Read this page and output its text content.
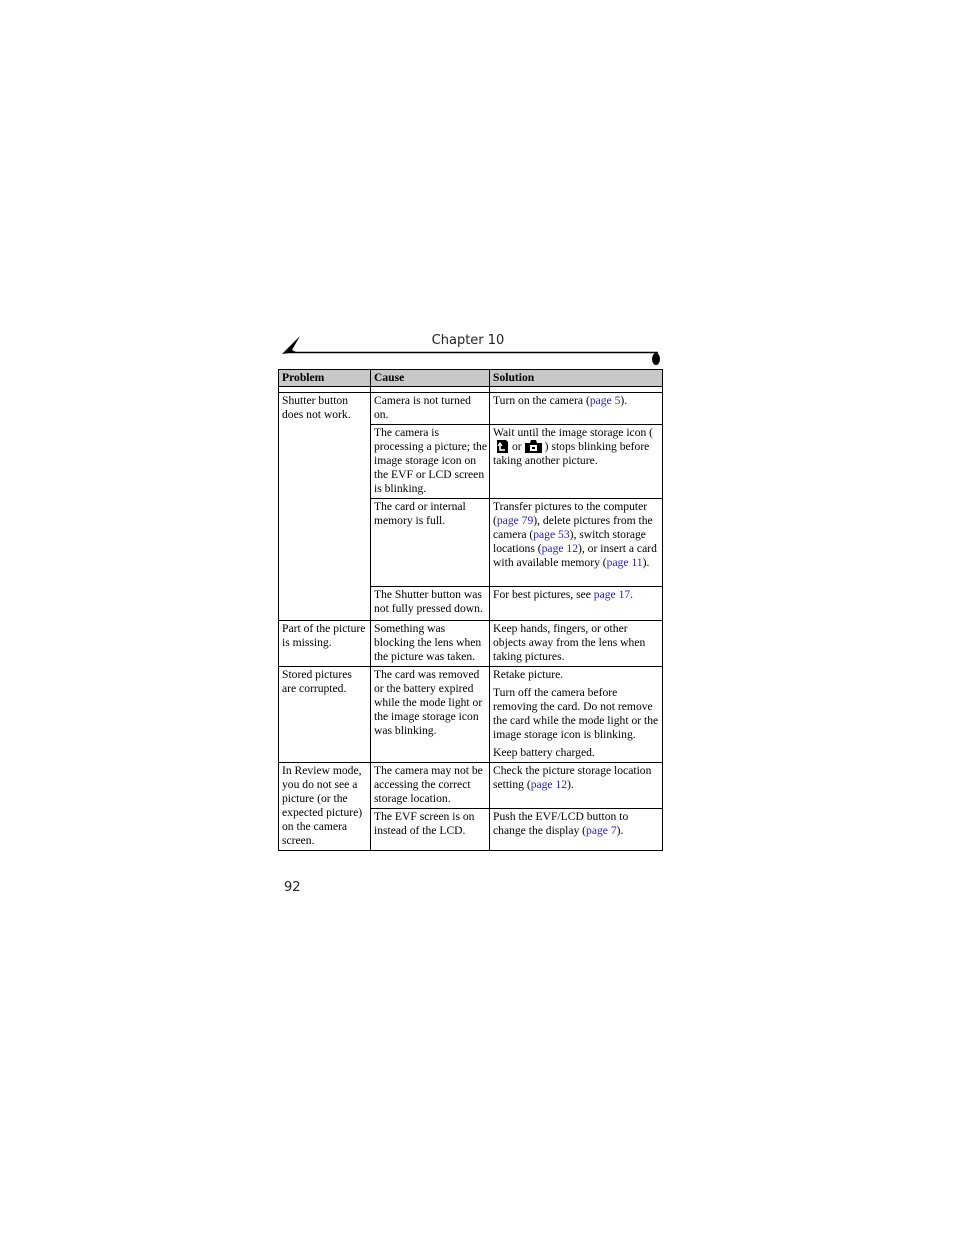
Chapter 10
Problem	Cause	Solution

Shutter button does not work.	Camera is not turned on.	Turn on the camera (page 5).
	The camera is processing a picture; the image storage icon on the EVF or LCD screen is blinking.	Wait until the image storage icon (or ) stops blinking before taking another picture.
	The card or internal memory is full.	Transfer pictures to the computer (page 79), delete pictures from the camera (page 53), switch storage locations (page 12), or insert a card with available memory (page 11).
	The Shutter button was not fully pressed down.	For best pictures, see page 17.
Part of the picture is missing.	Something was blocking the lens when the picture was taken.	Keep hands, fingers, or other objects away from the lens when taking pictures.
Stored pictures are corrupted.	The card was removed or the battery expired while the mode light or the image storage icon was blinking.	Retake picture.
Turn off the camera before removing the card. Do not remove the card while the mode light or the image storage icon is blinking.
Keep battery charged.

In Review mode, you do not see a picture (or the expected picture) on the camera screen.	The camera may not be accessing the correct storage location.	Check the picture storage location setting (page 12).
	The EVF screen is on instead of the LCD.	Push the EVF/LCD button to change the display (page 7).
92
